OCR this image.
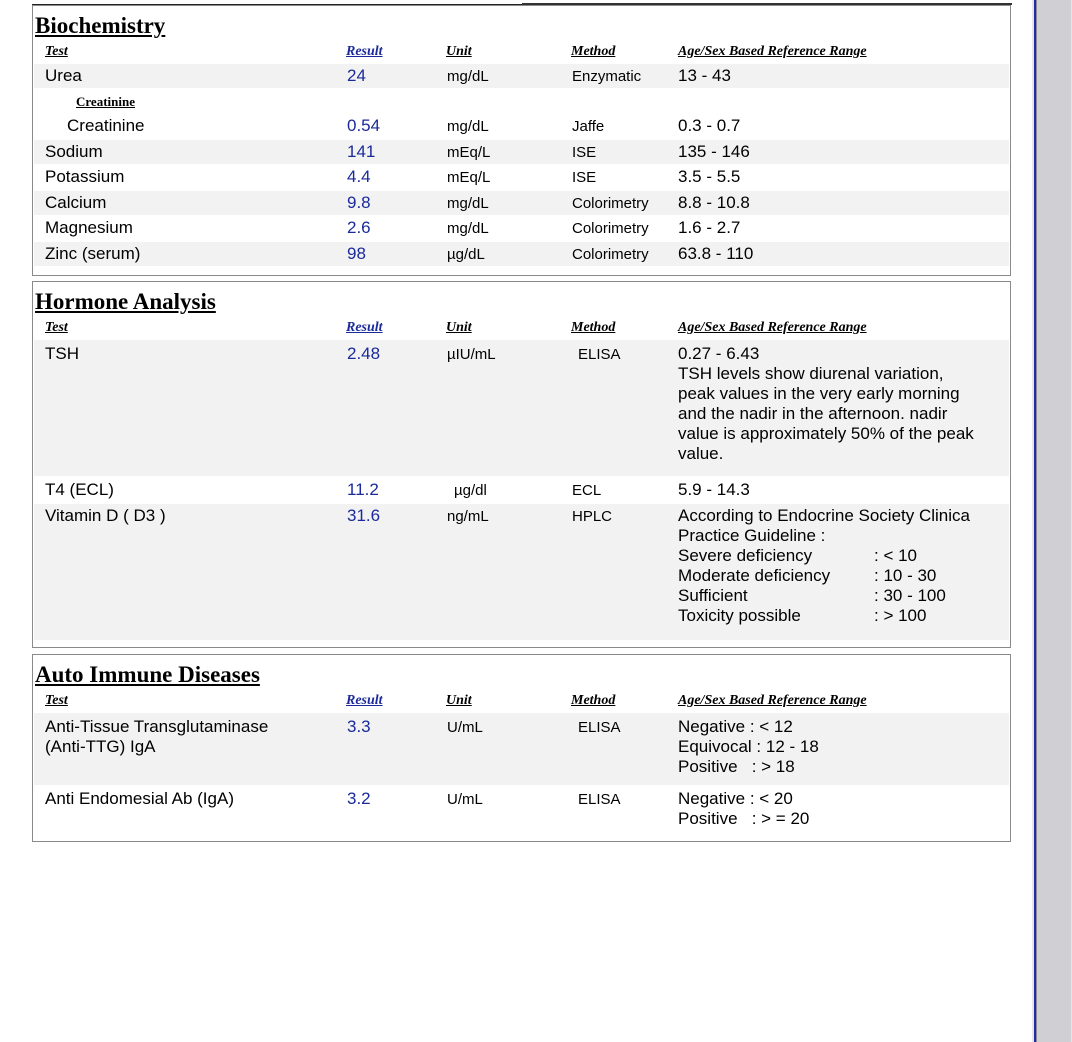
Biochemistry
Test	Result	Unit	Method	Age/Sex Based Reference Range
Urea	24	mg/dL	Enzymatic 13 - 43
Creatinine
Creatinine	0.54	mg/dL	Jaffe	0.3 - 0.7
Sodium	141	mEq/L	ISE	135 - 146
Potassium	4.4	mEq/L	ISE	3.5 - 5.5
Calcium	9.8	mg/dL	Colorimetry 8.8 - 10.8
Magnesium	2.6	mg/dL	Colorimetry 1.6 - 2.7
Zinc (serum)	98	µg/dL	Colorimetry 63.8 - 110
Hormone Analysis
Test	Result	Unit	Method	Age/Sex Based Reference Range
TSH	2.48	µIU/mL	ELISA	0.27 - 6.43
TSH levels show diurenal variation,
peak values in the very early morning
and the nadir in the afternoon. nadir
value is approximately 50% of the peak
value.
T4 (ECL)	11.2	µg/dl	ECL	5.9 - 14.3
Vitamin D ( D3 )	31.6	ng/mL	HPLC	According to Endocrine Society Clinica
Practice Guideline :
Severe deficiency	: < 10
Moderate deficiency	: 10 - 30
Sufficient	: 30 - 100
Toxicity possible	: > 100
Auto Immune Diseases
Test	Result	Unit	Method	Age/Sex Based Reference Range
Anti-Tissue Transglutaminase
(Anti-TTG) IgA
3.3	U/mL	ELISA	Negative : < 12
Equivocal : 12 - 18
Positive   : > 18
Anti Endomesial Ab (IgA)	3.2	U/mL	ELISA	Negative : < 20
Positive   : > = 20
